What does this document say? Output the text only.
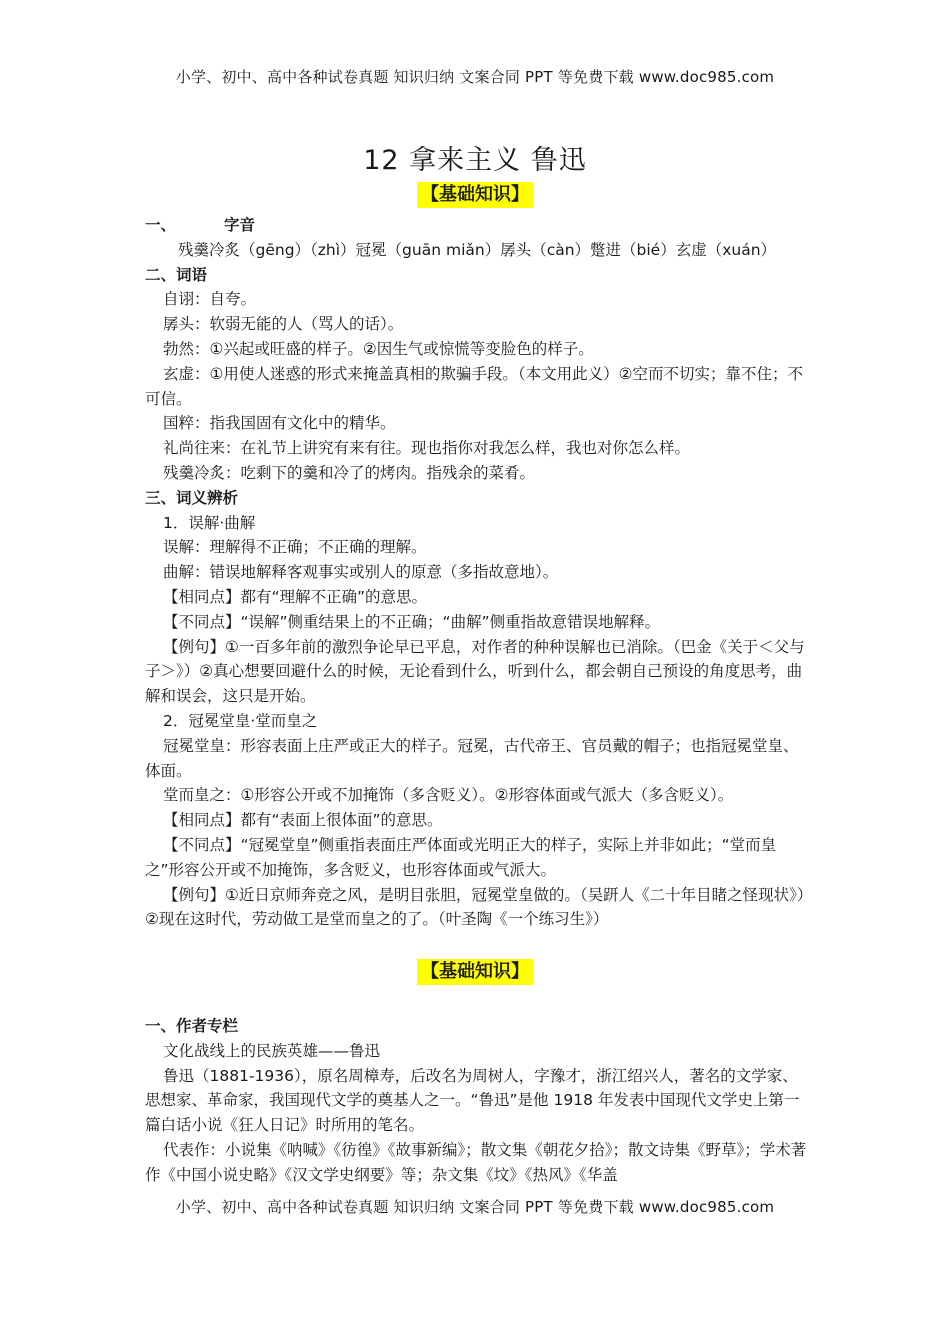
小学、初中、高中各种试卷真题 知识归纳 文案合同 PPT 等免费下载 www.doc985.com
12 拿来主义 鲁迅
【基础知识】

一、	字音

残羹冷炙（gēng）（zhì）冠冕（guān miǎn）孱头（càn）蹩进（bié）玄虚（xuán）

二、词语

自诩：自夸。

孱头：软弱无能的人（骂人的话）。

勃然：①兴起或旺盛的样子。②因生气或惊慌等变脸色的样子。

玄虚：①用使人迷惑的形式来掩盖真相的欺骗手段。（本文用此义）②空而不切实；靠不住；不可信。

国粹：指我国固有文化中的精华。

礼尚往来：在礼节上讲究有来有往。现也指你对我怎么样，我也对你怎么样。

残羹冷炙：吃剩下的羹和冷了的烤肉。指残余的菜肴。

三、词义辨析

1．误解·曲解

误解：理解得不正确；不正确的理解。

曲解：错误地解释客观事实或别人的原意（多指故意地）。

【相同点】都有“理解不正确”的意思。

【不同点】“误解”侧重结果上的不正确；“曲解”侧重指故意错误地解释。

【例句】①一百多年前的激烈争论早已平息，对作者的种种误解也已消除。（巴金《关于＜父与子＞》）②真心想要回避什么的时候，无论看到什么，听到什么，都会朝自己预设的角度思考，曲解和误会，这只是开始。

2．冠冕堂皇·堂而皇之

冠冕堂皇：形容表面上庄严或正大的样子。冠冕，古代帝王、官员戴的帽子；也指冠冕堂皇、体面。

堂而皇之：①形容公开或不加掩饰（多含贬义）。②形容体面或气派大（多含贬义）。

【相同点】都有“表面上很体面”的意思。

【不同点】“冠冕堂皇”侧重指表面庄严体面或光明正大的样子，实际上并非如此；“堂而皇之”形容公开或不加掩饰，多含贬义，也形容体面或气派大。

【例句】①近日京师奔竞之风，是明目张胆，冠冕堂皇做的。（吴趼人《二十年目睹之怪现状》）②现在这时代，劳动做工是堂而皇之的了。（叶圣陶《一个练习生》）

【基础知识】

一、作者专栏

文化战线上的民族英雄——鲁迅

鲁迅（1881-1936），原名周樟寿，后改名为周树人，字豫才，浙江绍兴人，著名的文学家、思想家、革命家，我国现代文学的奠基人之一。“鲁迅”是他 1918 年发表中国现代文学史上第一篇白话小说《狂人日记》时所用的笔名。

代表作：小说集《呐喊》《彷徨》《故事新编》；散文集《朝花夕拾》；散文诗集《野草》；学术著作《中国小说史略》《汉文学史纲要》等；杂文集《坟》《热风》《华盖

小学、初中、高中各种试卷真题 知识归纳 文案合同 PPT 等免费下载 www.doc985.com
